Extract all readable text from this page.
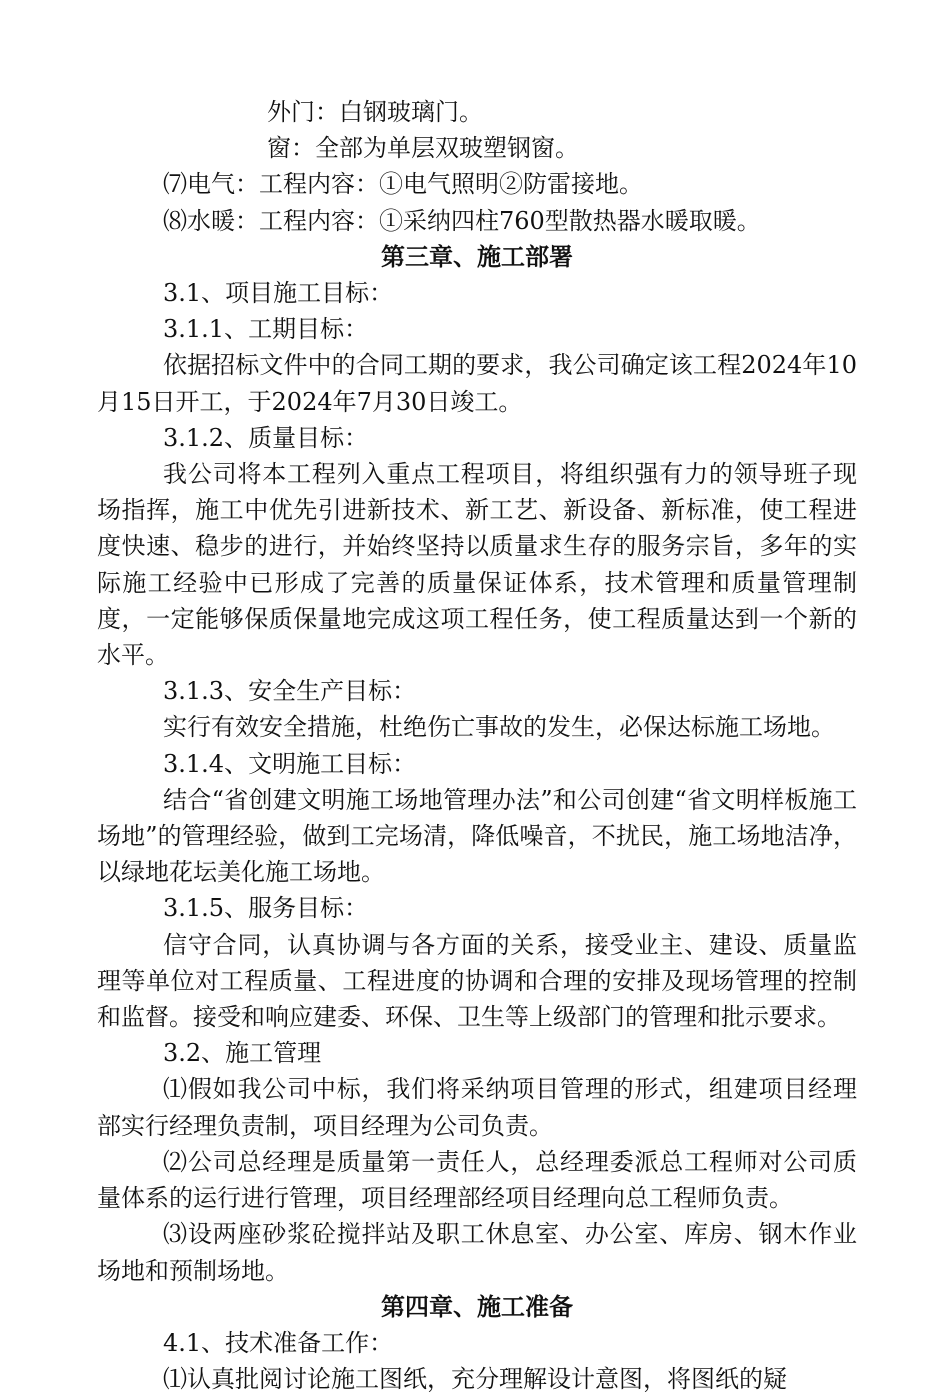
外门：白钢玻璃门。

窗：全部为单层双玻塑钢窗。

⑺电气：工程内容：①电气照明②防雷接地。

⑻水暖：工程内容：①采纳四柱760型散热器水暖取暖。

第三章、施工部署

3.1、项目施工目标：

3.1.1、工期目标：

依据招标文件中的合同工期的要求，我公司确定该工程2024年10月15日开工，于2024年7月30日竣工。

3.1.2、质量目标：

我公司将本工程列入重点工程项目，将组织强有力的领导班子现场指挥，施工中优先引进新技术、新工艺、新设备、新标准，使工程进度快速、稳步的进行，并始终坚持以质量求生存的服务宗旨，多年的实际施工经验中已形成了完善的质量保证体系，技术管理和质量管理制度，一定能够保质保量地完成这项工程任务，使工程质量达到一个新的水平。

3.1.3、安全生产目标：

实行有效安全措施，杜绝伤亡事故的发生，必保达标施工场地。

3.1.4、文明施工目标：

结合“省创建文明施工场地管理办法”和公司创建“省文明样板施工场地”的管理经验，做到工完场清，降低噪音，不扰民，施工场地洁净，以绿地花坛美化施工场地。

3.1.5、服务目标：

信守合同，认真协调与各方面的关系，接受业主、建设、质量监理等单位对工程质量、工程进度的协调和合理的安排及现场管理的控制和监督。接受和响应建委、环保、卫生等上级部门的管理和批示要求。

3.2、施工管理

⑴假如我公司中标，我们将采纳项目管理的形式，组建项目经理部实行经理负责制，项目经理为公司负责。

⑵公司总经理是质量第一责任人，总经理委派总工程师对公司质量体系的运行进行管理，项目经理部经项目经理向总工程师负责。

⑶设两座砂浆砼搅拌站及职工休息室、办公室、库房、钢木作业场地和预制场地。

第四章、施工准备

4.1、技术准备工作：

⑴认真批阅讨论施工图纸，充分理解设计意图，将图纸的疑
